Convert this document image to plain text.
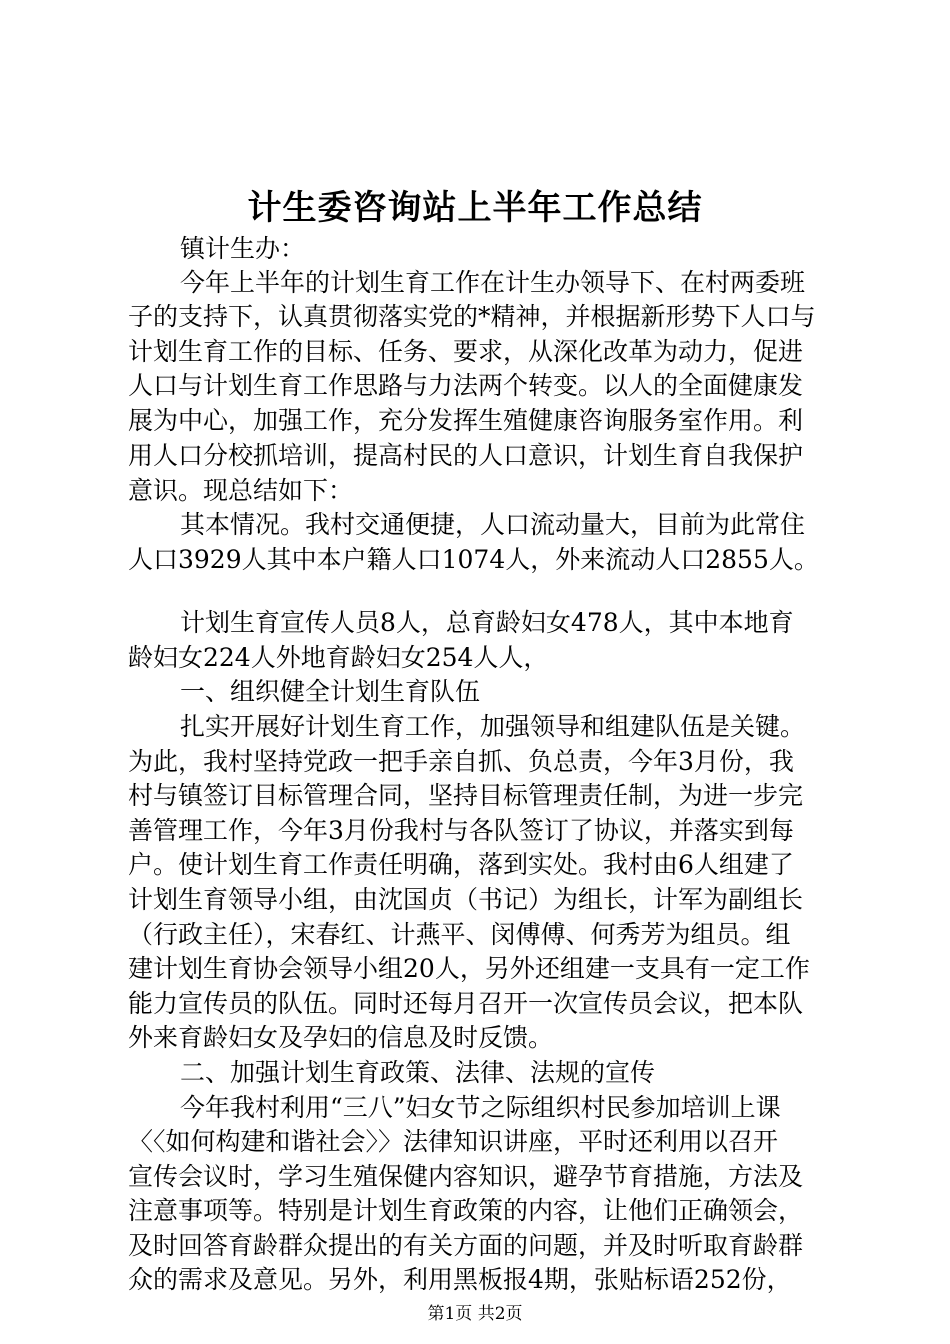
计生委咨询站上半年工作总结
镇计生办：
今年上半年的计划生育工作在计生办领导下、在村两委班
子的支持下，认真贯彻落实党的*精神，并根据新形势下人口与
计划生育工作的目标、任务、要求，从深化改革为动力，促进
人口与计划生育工作思路与力法两个转变。以人的全面健康发
展为中心，加强工作，充分发挥生殖健康咨询服务室作用。利
用人口分校抓培训，提高村民的人口意识，计划生育自我保护
意识。现总结如下：
其本情况。我村交通便捷，人口流动量大，目前为此常住
人口3929人其中本户籍人口1074人，外来流动人口2855人。
计划生育宣传人员8人，总育龄妇女478人，其中本地育
龄妇女224人外地育龄妇女254人人，
一、组织健全计划生育队伍
扎实开展好计划生育工作，加强领导和组建队伍是关键。
为此，我村坚持党政一把手亲自抓、负总责，今年3月份，我
村与镇签订目标管理合同，坚持目标管理责任制，为进一步完
善管理工作，今年3月份我村与各队签订了协议，并落实到每
户。使计划生育工作责任明确，落到实处。我村由6人组建了
计划生育领导小组，由沈国贞（书记）为组长，计军为副组长
（行政主任），宋春红、计燕平、闵傅傅、何秀芳为组员。组
建计划生育协会领导小组20人，另外还组建一支具有一定工作
能力宣传员的队伍。同时还每月召开一次宣传员会议，把本队
外来育龄妇女及孕妇的信息及时反馈。
二、加强计划生育政策、法律、法规的宣传
今年我村利用“三八”妇女节之际组织村民参加培训上课
〈〈如何构建和谐社会〉〉法律知识讲座，平时还利用以召开
宣传会议时，学习生殖保健内容知识，避孕节育措施，方法及
注意事项等。特别是计划生育政策的内容，让他们正确领会，
及时回答育龄群众提出的有关方面的问题，并及时听取育龄群
众的需求及意见。另外，利用黑板报4期，张贴标语252份，
第1页 共2页
